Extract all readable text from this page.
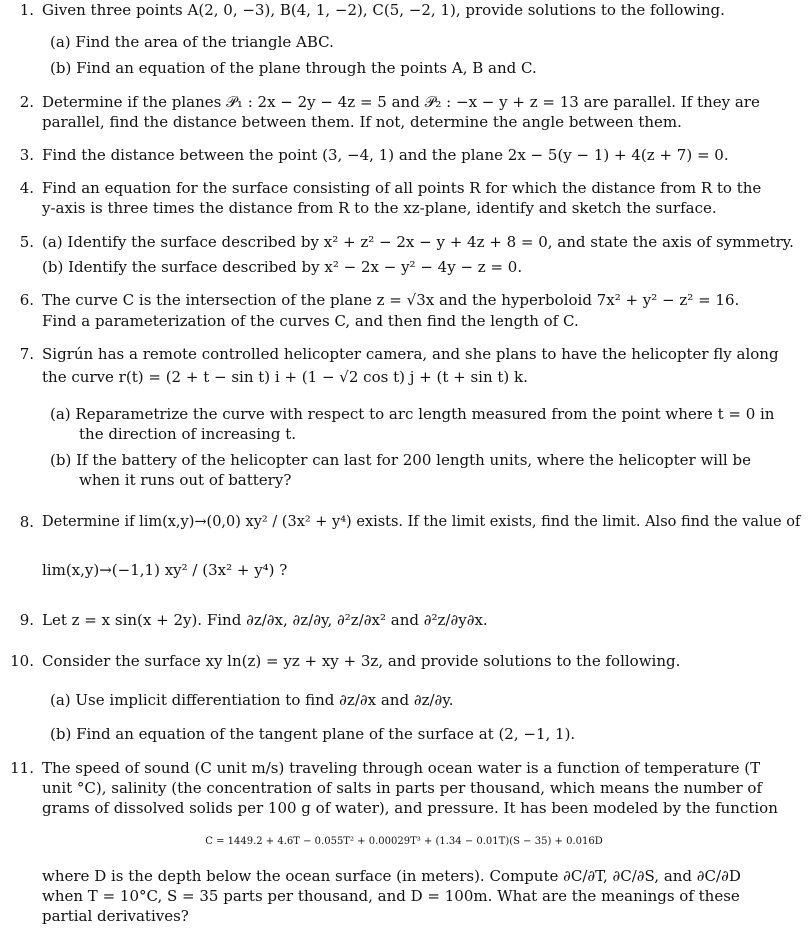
1. Given three points A(2, 0, −3), B(4, 1, −2), C(5, −2, 1), provide solutions to the following.
(a) Find the area of the triangle ABC.
(b) Find an equation of the plane through the points A, B and C.
2. Determine if the planes 𝒫₁ : 2x − 2y − 4z = 5 and 𝒫₂ : −x − y + z = 13 are parallel. If they are
parallel, find the distance between them. If not, determine the angle between them.
3. Find the distance between the point (3, −4, 1) and the plane 2x − 5(y − 1) + 4(z + 7) = 0.
4. Find an equation for the surface consisting of all points R for which the distance from R to the
y-axis is three times the distance from R to the xz-plane, identify and sketch the surface.
5. (a) Identify the surface described by x² + z² − 2x − y + 4z + 8 = 0, and state the axis of symmetry.
(b) Identify the surface described by x² − 2x − y² − 4y − z = 0.
6. The curve C is the intersection of the plane z = √3x and the hyperboloid 7x² + y² − z² = 16.
Find a parameterization of the curves C, and then find the length of C.
7. Sigrún has a remote controlled helicopter camera, and she plans to have the helicopter fly along
the curve r(t) = (2 + t − sin t) i + (1 − √2 cos t) j + (t + sin t) k.
(a) Reparametrize the curve with respect to arc length measured from the point where t = 0 in
the direction of increasing t.
(b) If the battery of the helicopter can last for 200 length units, where the helicopter will be
when it runs out of battery?
8. Determine if lim(x,y)→(0,0) xy² / (3x² + y⁴) exists. If the limit exists, find the limit. Also find the value of
lim(x,y)→(−1,1) xy² / (3x² + y⁴) ?
9. Let z = x sin(x + 2y). Find ∂z/∂x, ∂z/∂y, ∂²z/∂x² and ∂²z/∂y∂x.
10. Consider the surface xy ln(z) = yz + xy + 3z, and provide solutions to the following.
(a) Use implicit differentiation to find ∂z/∂x and ∂z/∂y.
(b) Find an equation of the tangent plane of the surface at (2, −1, 1).
11. The speed of sound (C unit m/s) traveling through ocean water is a function of temperature (T
unit °C), salinity (the concentration of salts in parts per thousand, which means the number of
grams of dissolved solids per 100 g of water), and pressure. It has been modeled by the function
C = 1449.2 + 4.6T − 0.055T² + 0.00029T³ + (1.34 − 0.01T)(S − 35) + 0.016D
where D is the depth below the ocean surface (in meters). Compute ∂C/∂T, ∂C/∂S, and ∂C/∂D
when T = 10°C, S = 35 parts per thousand, and D = 100m. What are the meanings of these
partial derivatives?
